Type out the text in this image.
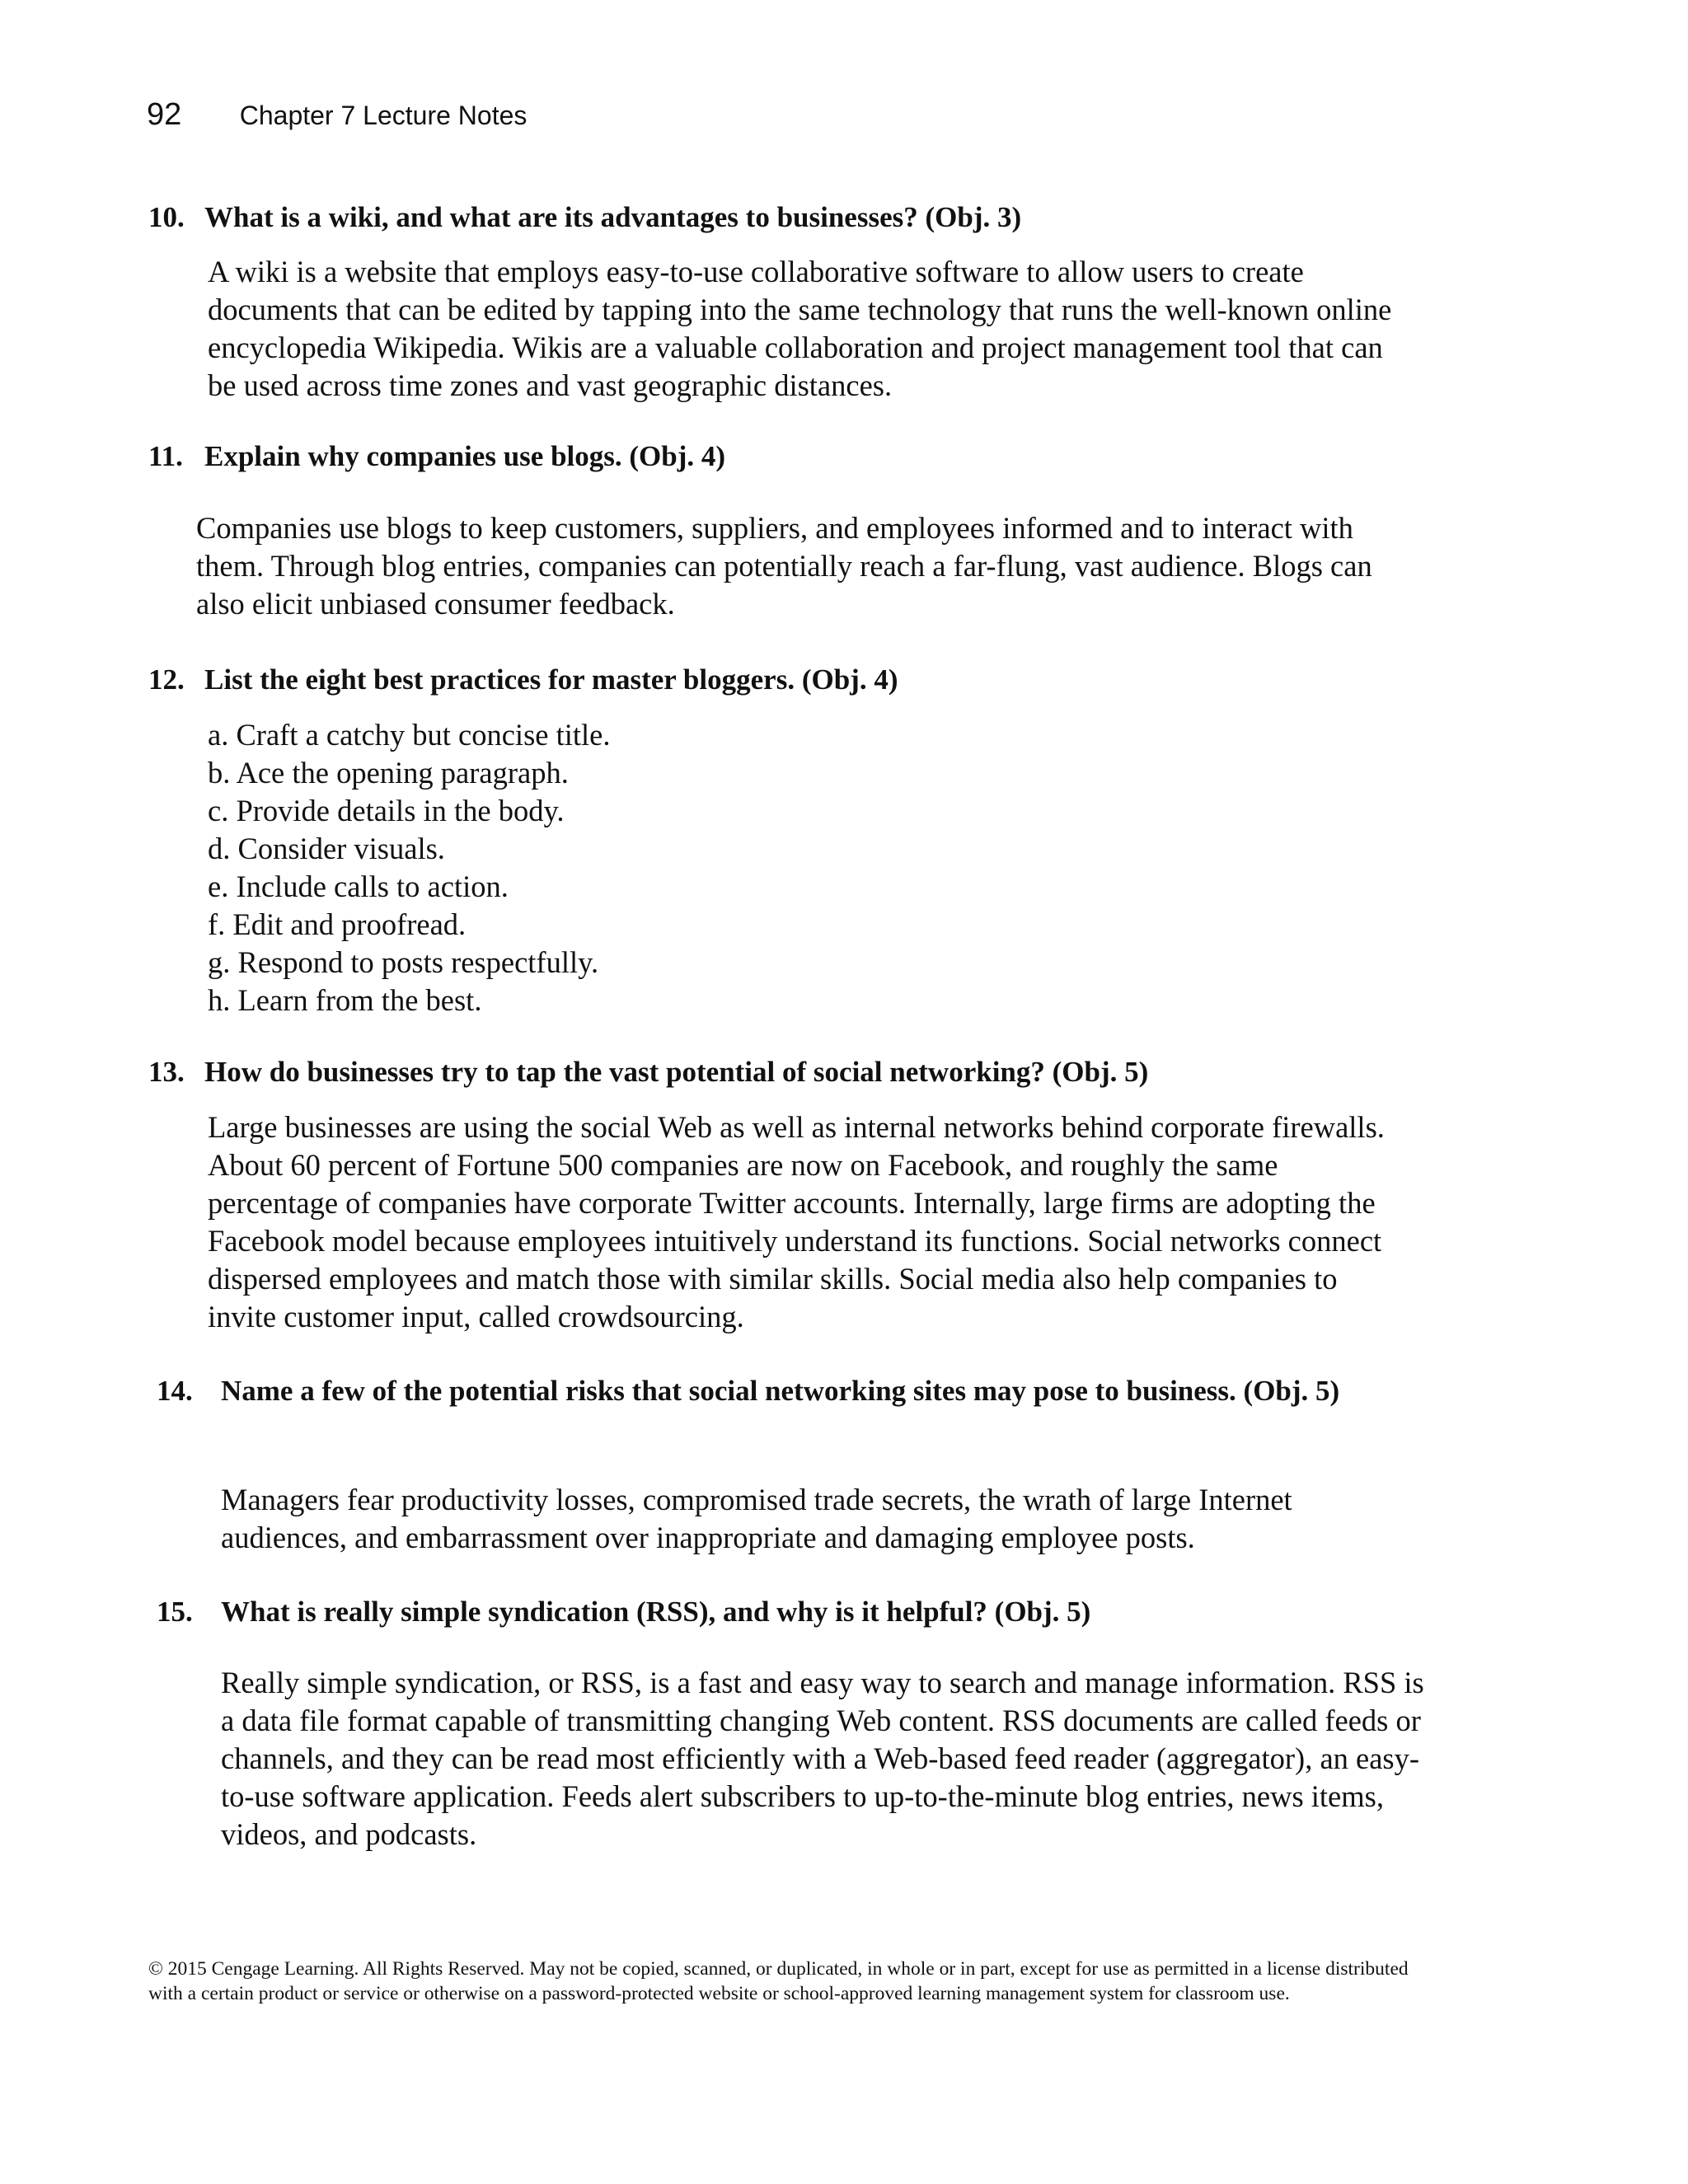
92 Chapter 7 Lecture Notes
10. What is a wiki, and what are its advantages to businesses? (Obj. 3)

A wiki is a website that employs easy-to-use collaborative software to allow users to create documents that can be edited by tapping into the same technology that runs the well-known online encyclopedia Wikipedia. Wikis are a valuable collaboration and project management tool that can be used across time zones and vast geographic distances.

11. Explain why companies use blogs. (Obj. 4)

Companies use blogs to keep customers, suppliers, and employees informed and to interact with them. Through blog entries, companies can potentially reach a far-flung, vast audience. Blogs can also elicit unbiased consumer feedback.

12. List the eight best practices for master bloggers. (Obj. 4)
a. Craft a catchy but concise title.
b. Ace the opening paragraph.
c. Provide details in the body.
d. Consider visuals.
e. Include calls to action.
f. Edit and proofread.
g. Respond to posts respectfully.
h. Learn from the best.
13. How do businesses try to tap the vast potential of social networking? (Obj. 5)

Large businesses are using the social Web as well as internal networks behind corporate firewalls. About 60 percent of Fortune 500 companies are now on Facebook, and roughly the same percentage of companies have corporate Twitter accounts. Internally, large firms are adopting the Facebook model because employees intuitively understand its functions. Social networks connect dispersed employees and match those with similar skills. Social media also help companies to invite customer input, called crowdsourcing.

14. Name a few of the potential risks that social networking sites may pose to business. (Obj. 5)

Managers fear productivity losses, compromised trade secrets, the wrath of large Internet audiences, and embarrassment over inappropriate and damaging employee posts.

15. What is really simple syndication (RSS), and why is it helpful? (Obj. 5)

Really simple syndication, or RSS, is a fast and easy way to search and manage information. RSS is a data file format capable of transmitting changing Web content. RSS documents are called feeds or channels, and they can be read most efficiently with a Web-based feed reader (aggregator), an easy-to-use software application. Feeds alert subscribers to up-to-the-minute blog entries, news items, videos, and podcasts.

© 2015 Cengage Learning. All Rights Reserved. May not be copied, scanned, or duplicated, in whole or in part, except for use as permitted in a license distributed with a certain product or service or otherwise on a password-protected website or school-approved learning management system for classroom use.
